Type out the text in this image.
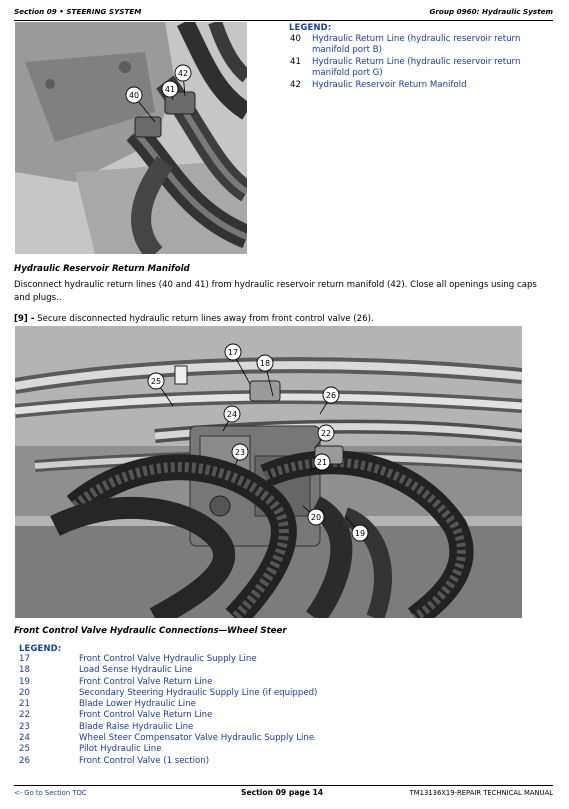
Section 09 • STEERING SYSTEM	Group 0960: Hydraulic System
40
41
42
LEGEND:
40 Hydraulic Return Line (hydraulic reservoir return manifold port B)
41 Hydraulic Return Line (hydraulic reservoir return manifold port G)
42 Hydraulic Reservoir Return Manifold
Hydraulic Reservoir Return Manifold
Disconnect hydraulic return lines (40 and 41) from hydraulic reservoir return manifold (42). Close all openings using caps and plugs..
[9] - Secure disconnected hydraulic return lines away from front control valve (26).
17
18
25
26
24
22
23
21
20
19
Front Control Valve Hydraulic Connections—Wheel Steer
LEGEND:
17	Front Control Valve Hydraulic Supply Line
18	Load Sense Hydraulic Line
19	Front Control Valve Return Line
20	Secondary Steering Hydraulic Supply Line (if equipped)
21	Blade Lower Hydraulic Line
22	Front Control Valve Return Line
23	Blade Raise Hydraulic Line
24	Wheel Steer Compensator Valve Hydraulic Supply Line
25	Pilot Hydraulic Line
26	Front Control Valve (1 section)
<- Go to Section TOC	Section 09 page 14	TM13136X19-REPAIR TECHNICAL MANUAL
